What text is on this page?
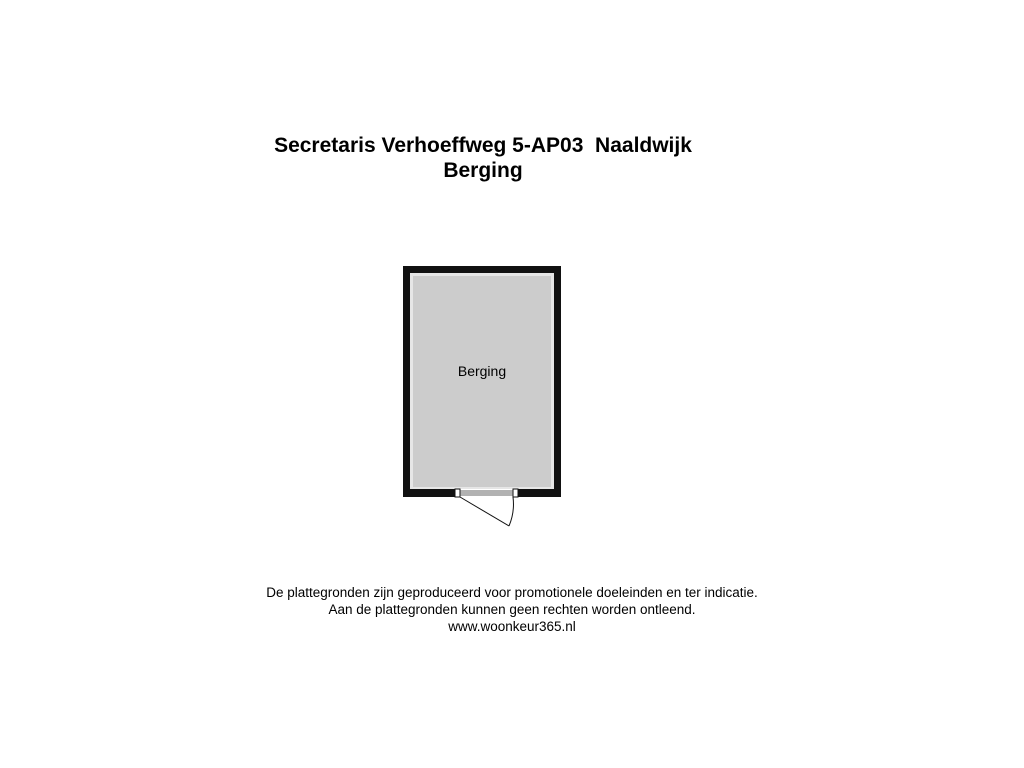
Secretaris Verhoeffweg 5-AP03  Naaldwijk
Berging
Berging
De plattegronden zijn geproduceerd voor promotionele doeleinden en ter indicatie.
Aan de plattegronden kunnen geen rechten worden ontleend.
www.woonkeur365.nl
